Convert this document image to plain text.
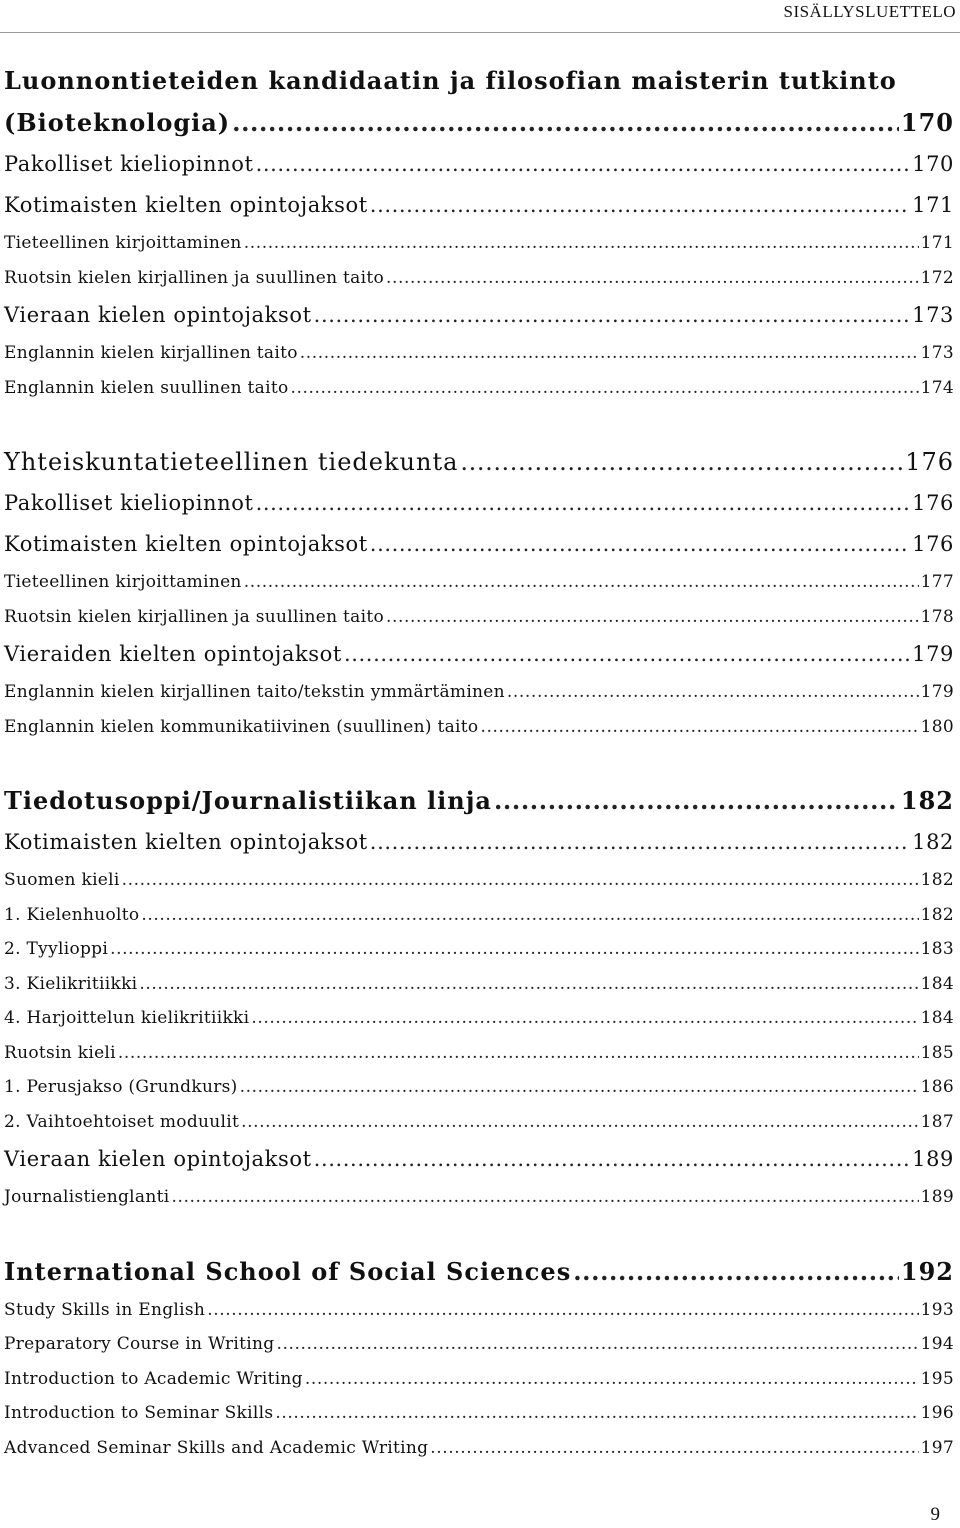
SISÄLLYSLUETTELO
Luonnontieteiden kandidaatin ja filosofian maisterin tutkinto
(Bioteknologia) .....	170
Pakolliset kieliopinnot .....	170
Kotimaisten kielten opintojaksot .....	171
Tieteellinen kirjoittaminen .....	171
Ruotsin kielen kirjallinen ja suullinen taito .....	172
Vieraan kielen opintojaksot .....	173
Englannin kielen kirjallinen taito .....	173
Englannin kielen suullinen taito .....	174
Yhteiskuntatieteellinen tiedekunta .....	176
Pakolliset kieliopinnot .....	176
Kotimaisten kielten opintojaksot .....	176
Tieteellinen kirjoittaminen .....	177
Ruotsin kielen kirjallinen ja suullinen taito .....	178
Vieraiden kielten opintojaksot .....	179
Englannin kielen kirjallinen taito/tekstin ymmärtäminen .....	179
Englannin kielen kommunikatiivinen (suullinen) taito .....	180
Tiedotusoppi/Journalistiikan linja .....	182
Kotimaisten kielten opintojaksot .....	182
Suomen kieli .....	182
1. Kielenhuolto .....	182
2. Tyylioppi .....	183
3. Kielikritiikki .....	184
4. Harjoittelun kielikritiikki .....	184
Ruotsin kieli .....	185
1. Perusjakso (Grundkurs) .....	186
2. Vaihtoehtoiset moduulit .....	187
Vieraan kielen opintojaksot .....	189
Journalistienglanti .....	189
International School of Social Sciences .....	192
Study Skills in English .....	193
Preparatory Course in Writing .....	194
Introduction to Academic Writing .....	195
Introduction to Seminar Skills .....	196
Advanced Seminar Skills and Academic Writing .....	197
9
